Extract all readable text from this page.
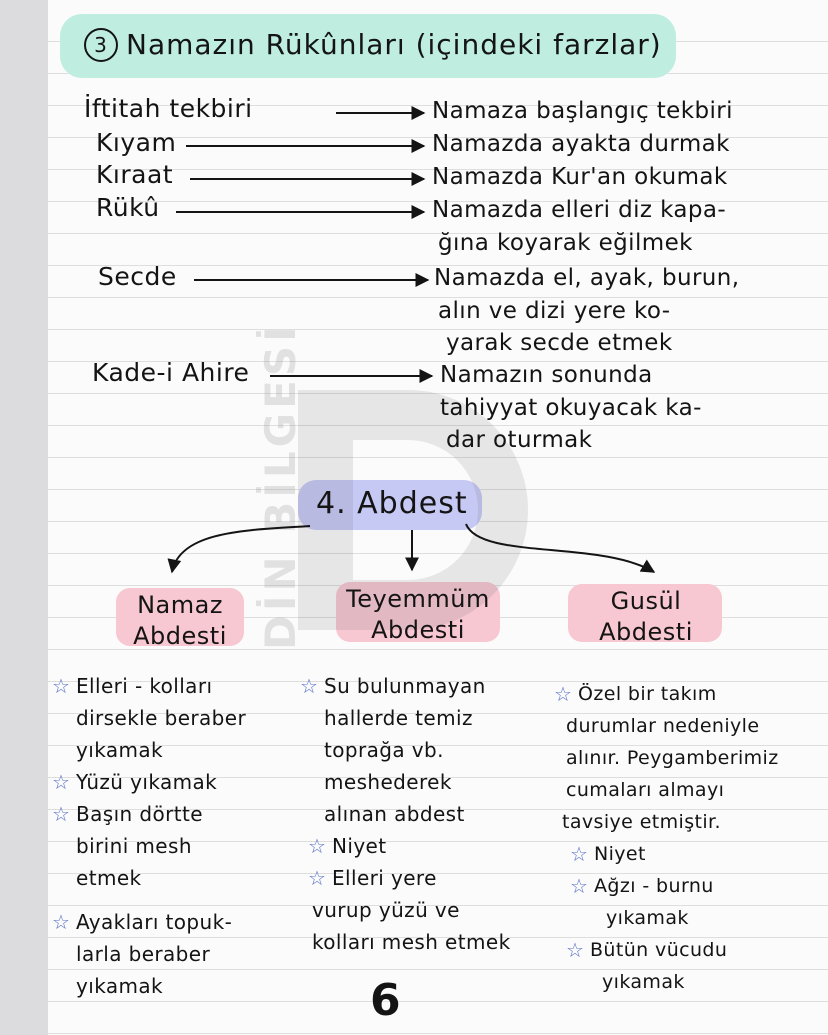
DİN BİLGESİ
3 Namazın Rükûnları (içindeki farzlar)
İftitah tekbiri
Kıyam
Kıraat
Rükû
Secde
Kade-i Ahire
Namaza başlangıç tekbiri
Namazda ayakta durmak
Namazda Kur'an okumak
Namazda elleri diz kapa-
ğına koyarak eğilmek
Namazda el, ayak, burun,
alın ve dizi yere ko-
yarak secde etmek
Namazın sonunda
tahiyyat okuyacak ka-
dar oturmak
4. Abdest
Namaz
Abdesti
Teyemmüm
Abdesti
Gusül
Abdesti
☆ Elleri - kolları
dirsekle beraber
yıkamak
☆ Yüzü yıkamak
☆ Başın dörtte
birini mesh
etmek
☆ Ayakları topuk-
larla beraber
yıkamak
☆ Su bulunmayan
hallerde temiz
toprağa vb.
meshederek
alınan abdest
☆ Niyet
☆ Elleri yere
vurup yüzü ve
kolları mesh etmek
☆ Özel bir takım
durumlar nedeniyle
alınır. Peygamberimiz
cumaları almayı
tavsiye etmiştir.
☆ Niyet
☆ Ağzı - burnu
yıkamak
☆ Bütün vücudu
yıkamak
6
